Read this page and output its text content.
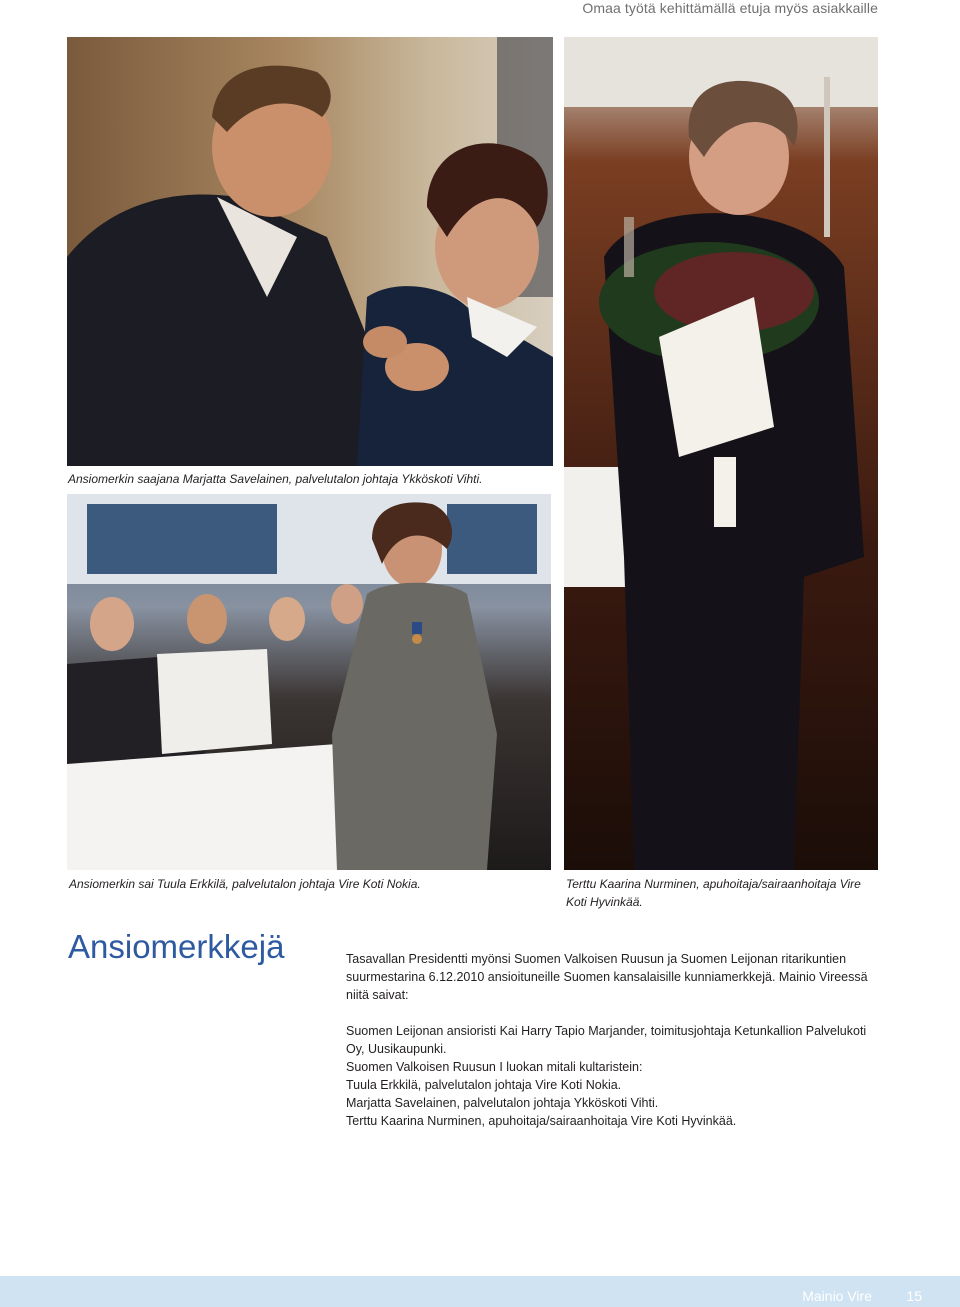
Omaa työtä kehittämällä etuja myös asiakkaille
Ansiomerkin saajana Marjatta Savelainen, palvelutalon johtaja Ykköskoti Vihti.
Terttu Kaarina Nurminen, apuhoitaja/sairaanhoitaja Vire Koti Hyvinkää.
Ansiomerkin sai Tuula Erkkilä, palvelutalon johtaja Vire Koti Nokia.
Ansiomerkkejä	Tasavallan Presidentti myönsi Suomen Valkoisen Ruusun ja Suomen Leijonan ritarikuntien suurmestarina 6.12.2010 ansioituneille Suomen kansalaisille kunniamerkkejä. Mainio Vireessä niitä saivat:

Suomen Leijonan ansioristi Kai Harry Tapio Marjander, toimitusjohtaja Ketunkallion Palvelukoti Oy, Uusikaupunki.

Suomen Valkoisen Ruusun I luokan mitali kultaristein:

Tuula Erkkilä, palvelutalon johtaja Vire Koti Nokia.

Marjatta Savelainen, palvelutalon johtaja Ykköskoti Vihti.

Terttu Kaarina Nurminen, apuhoitaja/sairaanhoitaja Vire Koti Hyvinkää.

Mainio Vire 15
